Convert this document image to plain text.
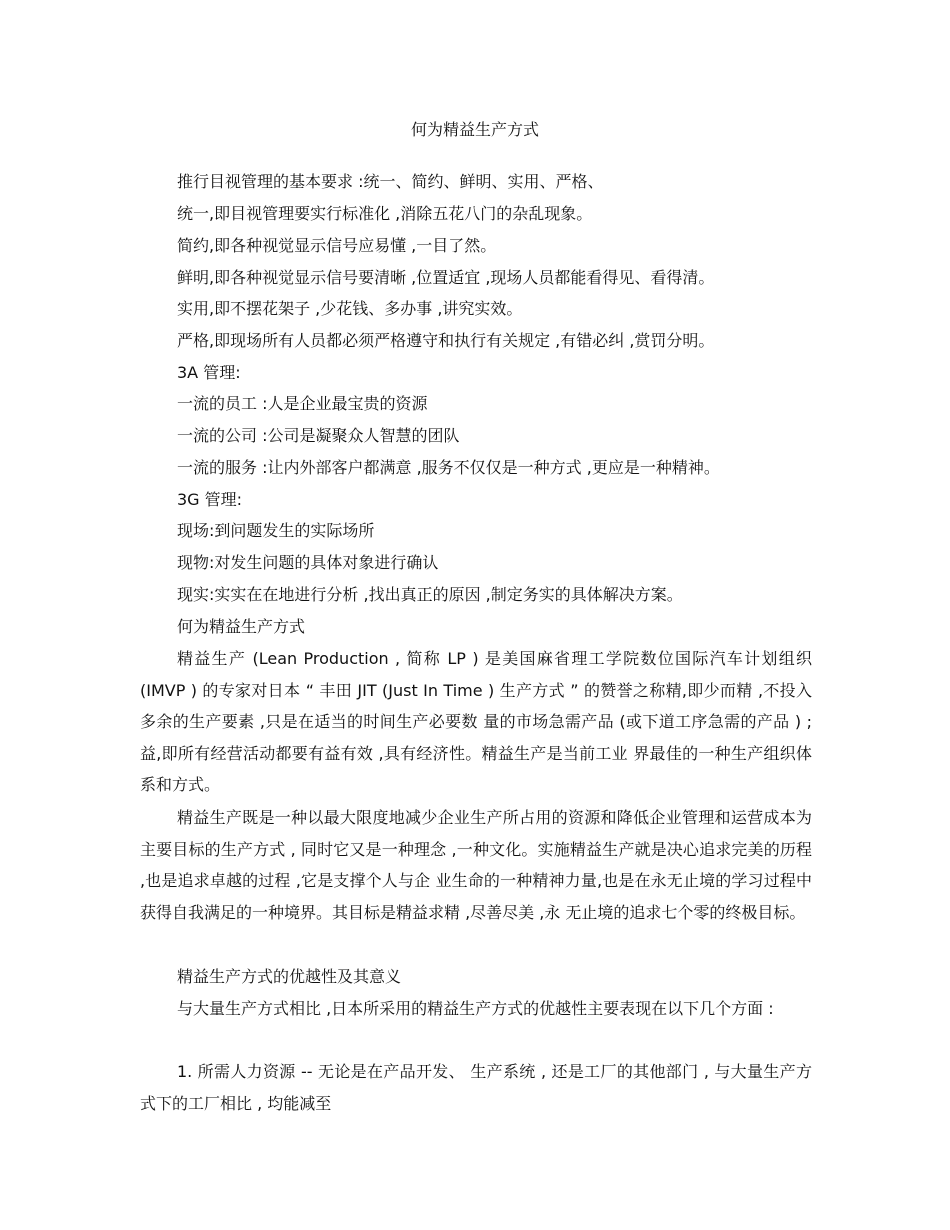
何为精益生产方式
推行目视管理的基本要求 :统一、简约、鲜明、实用、严格、
统一,即目视管理要实行标准化 ,消除五花八门的杂乱现象。
简约,即各种视觉显示信号应易懂 ,一目了然。
鲜明,即各种视觉显示信号要清晰 ,位置适宜 ,现场人员都能看得见、看得清。
实用,即不摆花架子 ,少花钱、多办事 ,讲究实效。
严格,即现场所有人员都必须严格遵守和执行有关规定 ,有错必纠 ,赏罚分明。
3A 管理:
一流的员工 :人是企业最宝贵的资源
一流的公司 :公司是凝聚众人智慧的团队
一流的服务 :让内外部客户都满意 ,服务不仅仅是一种方式 ,更应是一种精神。
3G 管理:
现场:到问题发生的实际场所
现物:对发生问题的具体对象进行确认
现实:实实在在地进行分析 ,找出真正的原因 ,制定务实的具体解决方案。
何为精益生产方式

精益生产 (Lean Production , 简称 LP ) 是美国麻省理工学院数位国际汽车计划组织 (IMVP ) 的专家对日本 “ 丰田 JIT (Just In Time ) 生产方式 ” 的赞誉之称精,即少而精 ,不投入多余的生产要素 ,只是在适当的时间生产必要数 量的市场急需产品 (或下道工序急需的产品 ) ;益,即所有经营活动都要有益有效 ,具有经济性。精益生产是当前工业 界最佳的一种生产组织体系和方式。

精益生产既是一种以最大限度地减少企业生产所占用的资源和降低企业管理和运营成本为主要目标的生产方式 , 同时它又是一种理念 ,一种文化。实施精益生产就是决心追求完美的历程 ,也是追求卓越的过程 ,它是支撑个人与企 业生命的一种精神力量,也是在永无止境的学习过程中获得自我满足的一种境界。其目标是精益求精 ,尽善尽美 ,永 无止境的追求七个零的终极目标。

精益生产方式的优越性及其意义

与大量生产方式相比 ,日本所采用的精益生产方式的优越性主要表现在以下几个方面 :

1. 所需人力资源 -- 无论是在产品开发、 生产系统 , 还是工厂的其他部门 , 与大量生产方式下的工厂相比 , 均能减至
